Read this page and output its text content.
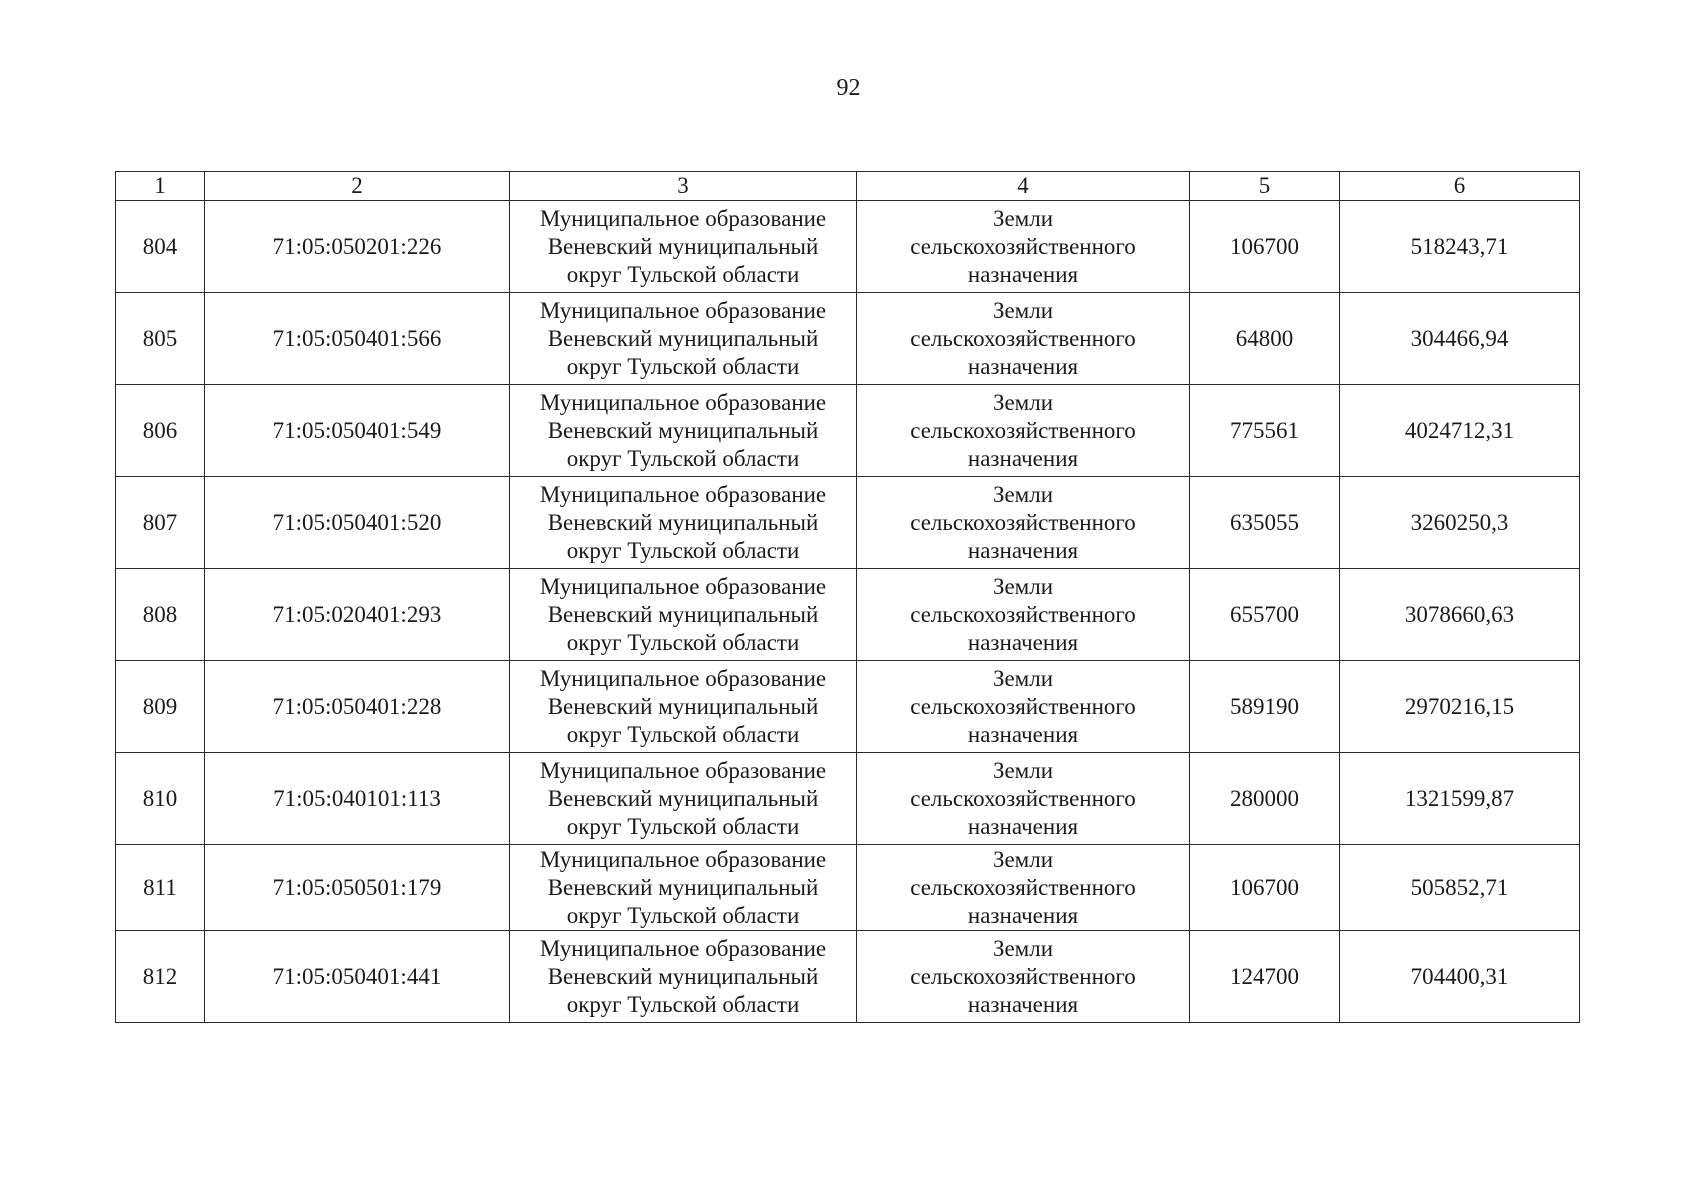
92
1	2	3	4	5	6
804	71:05:050201:226	Муниципальное образование
Веневский муниципальный
округ Тульской области	Земли
сельскохозяйственного
назначения	106700	518243,71
805	71:05:050401:566	Муниципальное образование
Веневский муниципальный
округ Тульской области	Земли
сельскохозяйственного
назначения	64800	304466,94
806	71:05:050401:549	Муниципальное образование
Веневский муниципальный
округ Тульской области	Земли
сельскохозяйственного
назначения	775561	4024712,31
807	71:05:050401:520	Муниципальное образование
Веневский муниципальный
округ Тульской области	Земли
сельскохозяйственного
назначения	635055	3260250,3
808	71:05:020401:293	Муниципальное образование
Веневский муниципальный
округ Тульской области	Земли
сельскохозяйственного
назначения	655700	3078660,63
809	71:05:050401:228	Муниципальное образование
Веневский муниципальный
округ Тульской области	Земли
сельскохозяйственного
назначения	589190	2970216,15
810	71:05:040101:113	Муниципальное образование
Веневский муниципальный
округ Тульской области	Земли
сельскохозяйственного
назначения	280000	1321599,87
811	71:05:050501:179	Муниципальное образование
Веневский муниципальный
округ Тульской области	Земли
сельскохозяйственного
назначения	106700	505852,71
812	71:05:050401:441	Муниципальное образование
Веневский муниципальный
округ Тульской области	Земли
сельскохозяйственного
назначения	124700	704400,31
